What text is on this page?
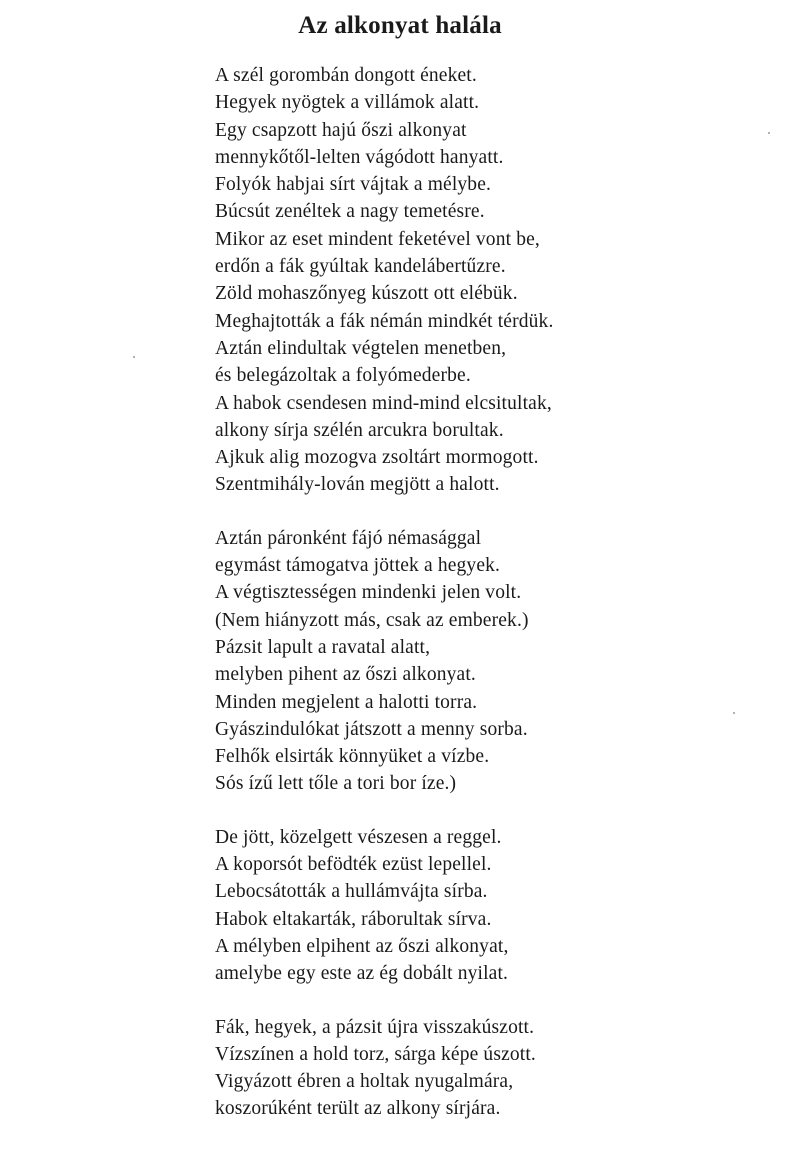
Az alkonyat halála
A szél gorombán dongott éneket.
Hegyek nyögtek a villámok alatt.
Egy csapzott hajú őszi alkonyat
mennykőtől-lelten vágódott hanyatt.
Folyók habjai sírt vájtak a mélybe.
Búcsút zenéltek a nagy temetésre.
Mikor az eset mindent feketével vont be,
erdőn a fák gyúltak kandelábertűzre.
Zöld mohaszőnyeg kúszott ott elébük.
Meghajtották a fák némán mindkét térdük.
Aztán elindultak végtelen menetben,
és belegázoltak a folyómederbe.
A habok csendesen mind-mind elcsitultak,
alkony sírja szélén arcukra borultak.
Ajkuk alig mozogva zsoltárt mormogott.
Szentmihály-lován megjött a halott.
Aztán páronként fájó némasággal
egymást támogatva jöttek a hegyek.
A végtisztességen mindenki jelen volt.
(Nem hiányzott más, csak az emberek.)
Pázsit lapult a ravatal alatt,
melyben pihent az őszi alkonyat.
Minden megjelent a halotti torra.
Gyászindulókat játszott a menny sorba.
Felhők elsirták könnyüket a vízbe.
Sós ízű lett tőle a tori bor íze.)
De jött, közelgett vészesen a reggel.
A koporsót befödték ezüst lepellel.
Lebocsátották a hullámvájta sírba.
Habok eltakarták, ráborultak sírva.
A mélyben elpihent az őszi alkonyat,
amelybe egy este az ég dobált nyilat.
Fák, hegyek, a pázsit újra visszakúszott.
Vízszínen a hold torz, sárga képe úszott.
Vigyázott ébren a holtak nyugalmára,
koszorúként terült az alkony sírjára.
